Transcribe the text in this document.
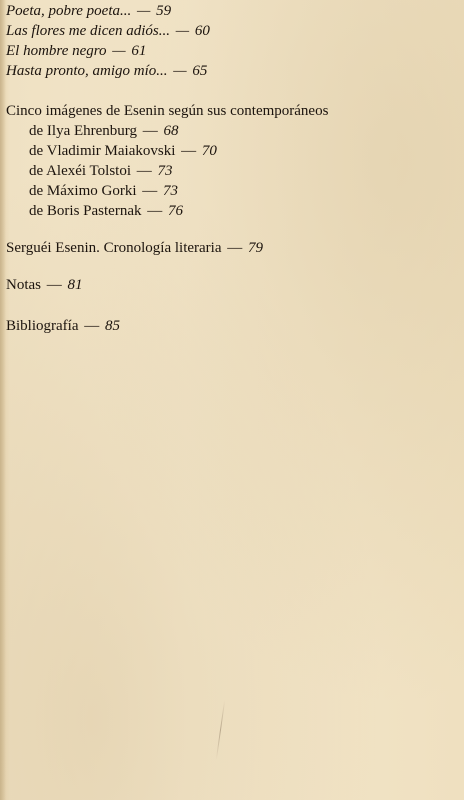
Poeta, pobre poeta... — 59
Las flores me dicen adiós... — 60
El hombre negro — 61
Hasta pronto, amigo mío... — 65
Cinco imágenes de Esenin según sus contemporáneos
de Ilya Ehrenburg — 68
de Vladimir Maiakovski — 70
de Alexéi Tolstoi — 73
de Máximo Gorki — 73
de Boris Pasternak — 76
Serguéi Esenin. Cronología literaria — 79
Notas — 81
Bibliografía — 85
